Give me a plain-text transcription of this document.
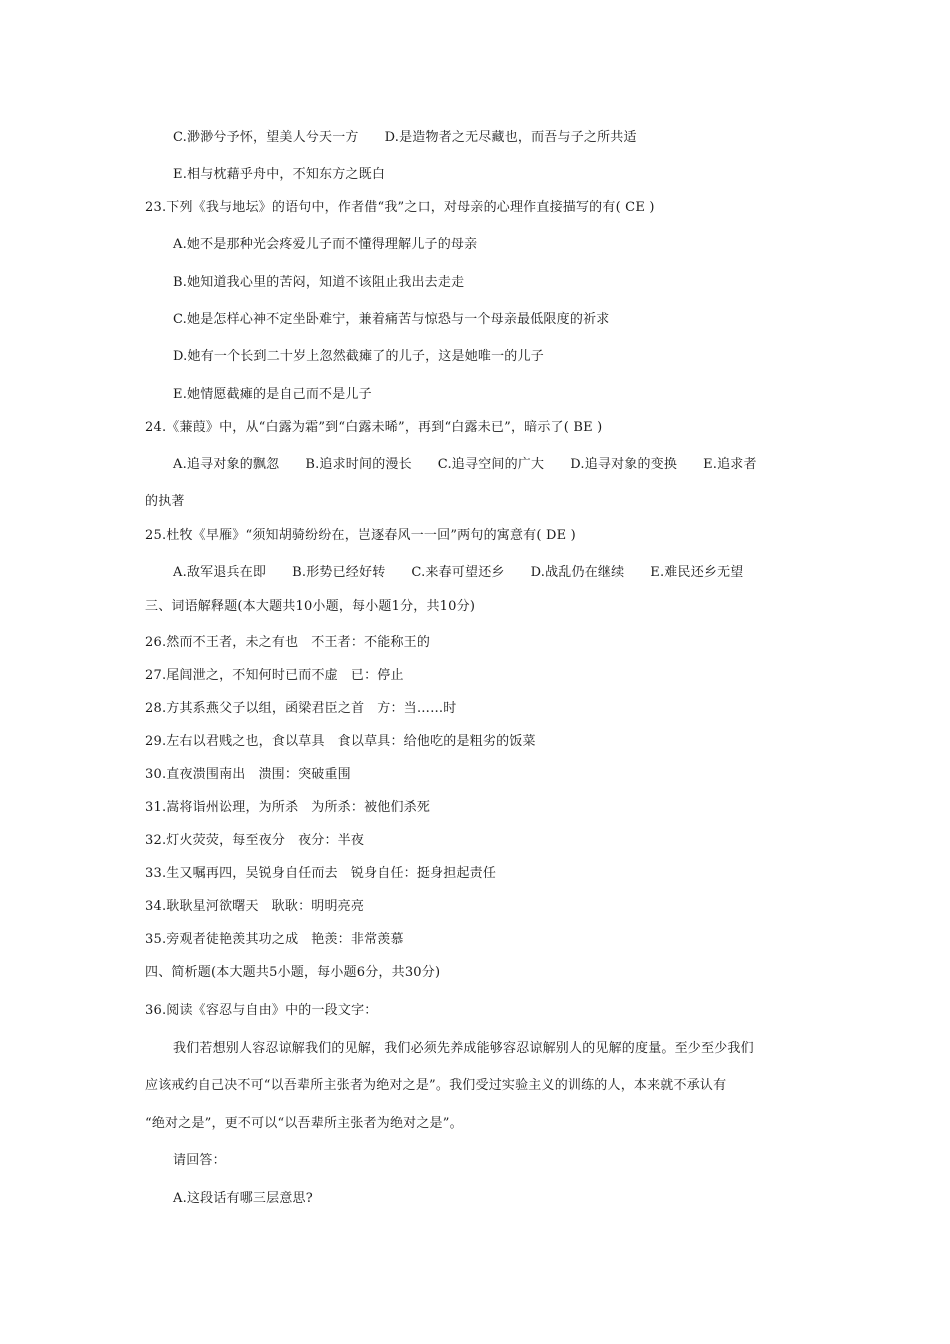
C.渺渺兮予怀，望美人兮天一方      D.是造物者之无尽藏也，而吾与子之所共适
E.相与枕藉乎舟中，不知东方之既白
23.下列《我与地坛》的语句中，作者借“我”之口，对母亲的心理作直接描写的有( CE )
A.她不是那种光会疼爱儿子而不懂得理解儿子的母亲
B.她知道我心里的苦闷，知道不该阻止我出去走走
C.她是怎样心神不定坐卧难宁，兼着痛苦与惊恐与一个母亲最低限度的祈求
D.她有一个长到二十岁上忽然截瘫了的儿子，这是她唯一的儿子
E.她情愿截瘫的是自己而不是儿子
24.《蒹葭》中，从“白露为霜”到“白露未晞”，再到“白露未已”，暗示了( BE )
A.追寻对象的飘忽      B.追求时间的漫长      C.追寻空间的广大      D.追寻对象的变换      E.追求者
的执著
25.杜牧《早雁》“须知胡骑纷纷在，岂逐春风一一回”两句的寓意有( DE )
A.敌军退兵在即      B.形势已经好转      C.来春可望还乡      D.战乱仍在继续      E.难民还乡无望
三、词语解释题(本大题共10小题，每小题1分，共10分)
26.然而不王者，未之有也   不王者：不能称王的
27.尾闾泄之，不知何时已而不虚   已：停止
28.方其系燕父子以组，函梁君臣之首   方：当……时
29.左右以君贱之也，食以草具   食以草具：给他吃的是粗劣的饭菜
30.直夜溃围南出   溃围：突破重围
31.嵩将诣州讼理，为所杀   为所杀：被他们杀死
32.灯火荧荧，每至夜分   夜分：半夜
33.生又嘱再四，吴锐身自任而去   锐身自任：挺身担起责任
34.耿耿星河欲曙天   耿耿：明明亮亮
35.旁观者徒艳羡其功之成   艳羡：非常羡慕
四、简析题(本大题共5小题，每小题6分，共30分)
36.阅读《容忍与自由》中的一段文字：
我们若想别人容忍谅解我们的见解，我们必须先养成能够容忍谅解别人的见解的度量。至少至少我们
应该戒约自己决不可“以吾辈所主张者为绝对之是”。我们受过实验主义的训练的人，本来就不承认有
“绝对之是”，更不可以“以吾辈所主张者为绝对之是”。
请回答：
A.这段话有哪三层意思?
